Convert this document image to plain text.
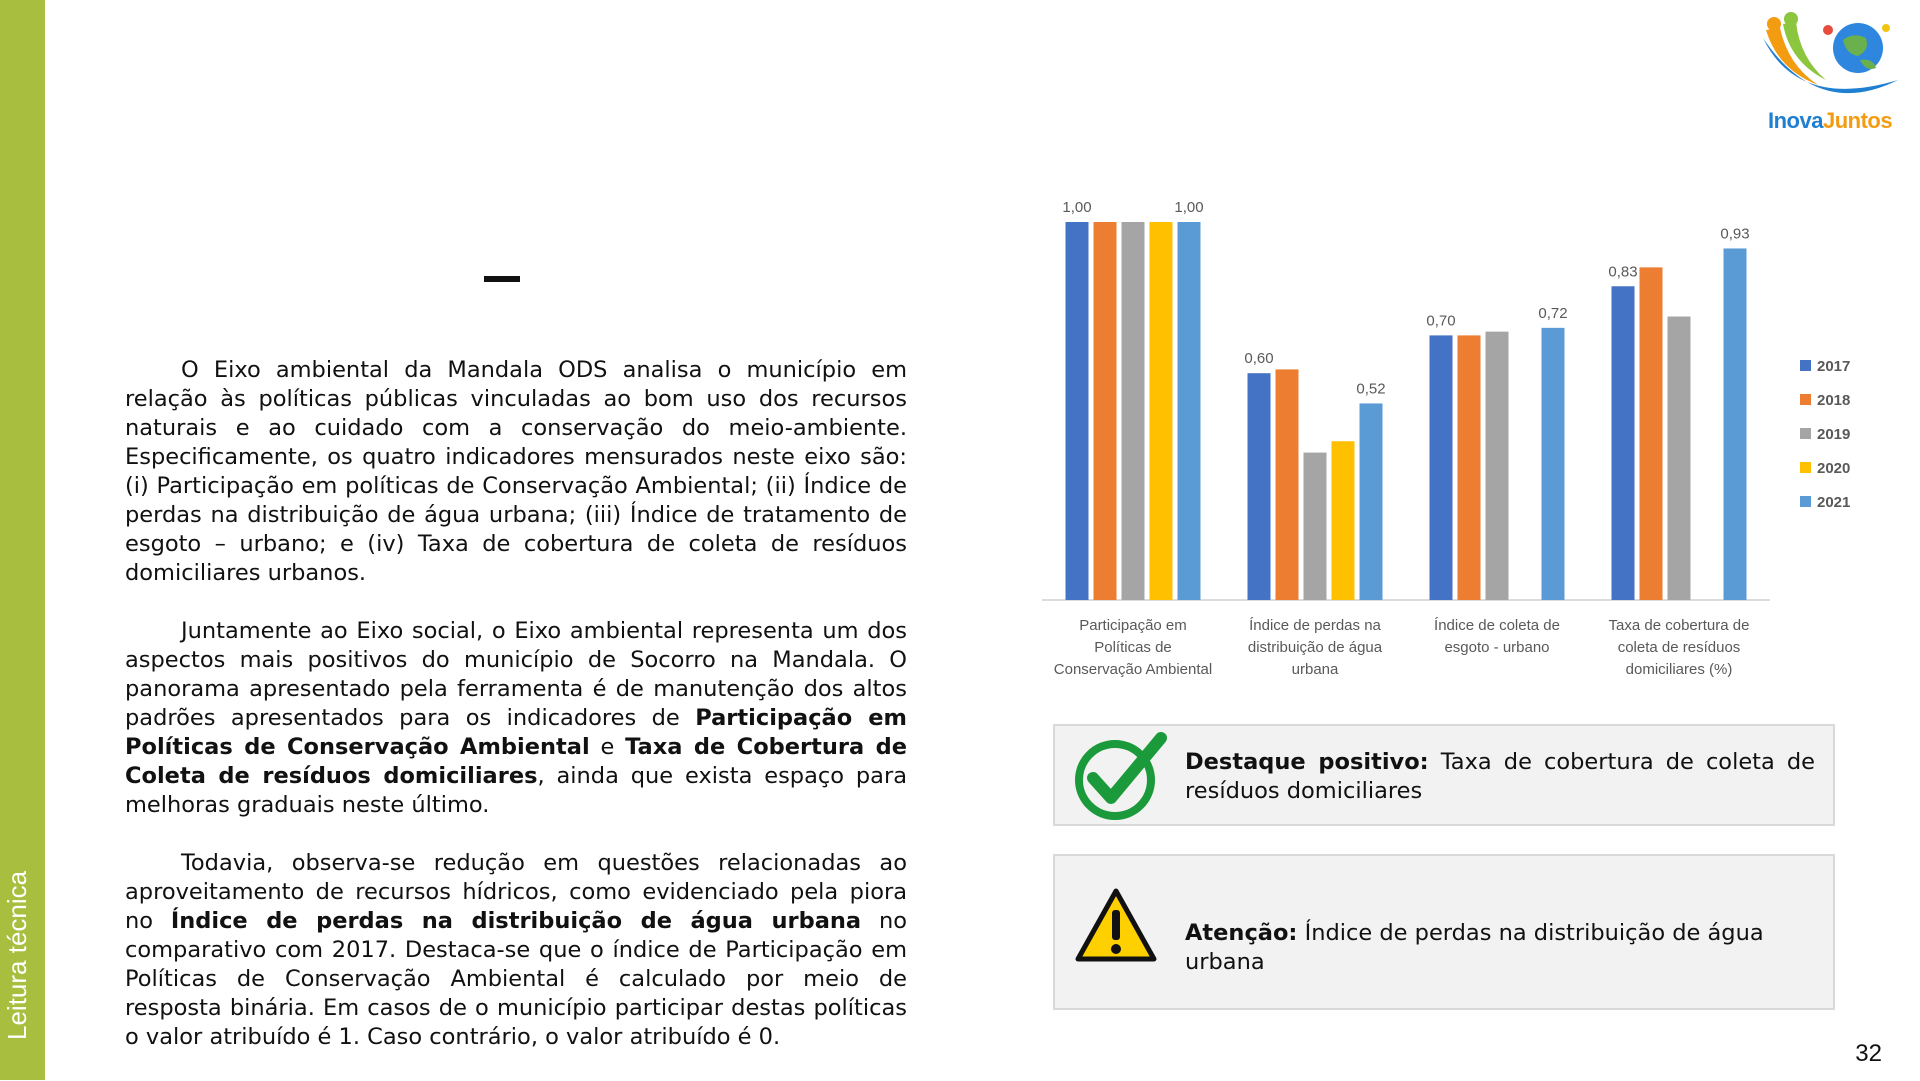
Leitura técnica
InovaJuntos

O Eixo ambiental da Mandala ODS analisa o município em relação às políticas públicas vinculadas ao bom uso dos recursos naturais e ao cuidado com a conservação do meio-ambiente. Especificamente, os quatro indicadores mensurados neste eixo são: (i) Participação em políticas de Conservação Ambiental; (ii) Índice de perdas na distribuição de água urbana; (iii) Índice de tratamento de esgoto – urbano; e (iv) Taxa de cobertura de coleta de resíduos domiciliares urbanos.

Juntamente ao Eixo social, o Eixo ambiental representa um dos aspectos mais positivos do município de Socorro na Mandala. O panorama apresentado pela ferramenta é de manutenção dos altos padrões apresentados para os indicadores de Participação em Políticas de Conservação Ambiental e Taxa de Cobertura de Coleta de resíduos domiciliares, ainda que exista espaço para melhoras graduais neste último.

Todavia, observa-se redução em questões relacionadas ao aproveitamento de recursos hídricos, como evidenciado pela piora no Índice de perdas na distribuição de água urbana no comparativo com 2017. Destaca-se que o índice de Participação em Políticas de Conservação Ambiental é calculado por meio de resposta binária. Em casos de o município participar destas políticas o valor atribuído é 1. Caso contrário, o valor atribuído é 0.

Participação em
Políticas de
Conservação Ambiental
Índice de perdas na
distribuição de água
urbana
Índice de coleta de
esgoto - urbano
Taxa de cobertura de
coleta de resíduos
domiciliares (%)
1,00	1,00
0,60
0,52
0,70	0,72
0,83
0,93
2017
2018
2019
2020
2021
Destaque positivo: Taxa de cobertura de coleta de resíduos domiciliares
Atenção: Índice de perdas na distribuição de água urbana
32
